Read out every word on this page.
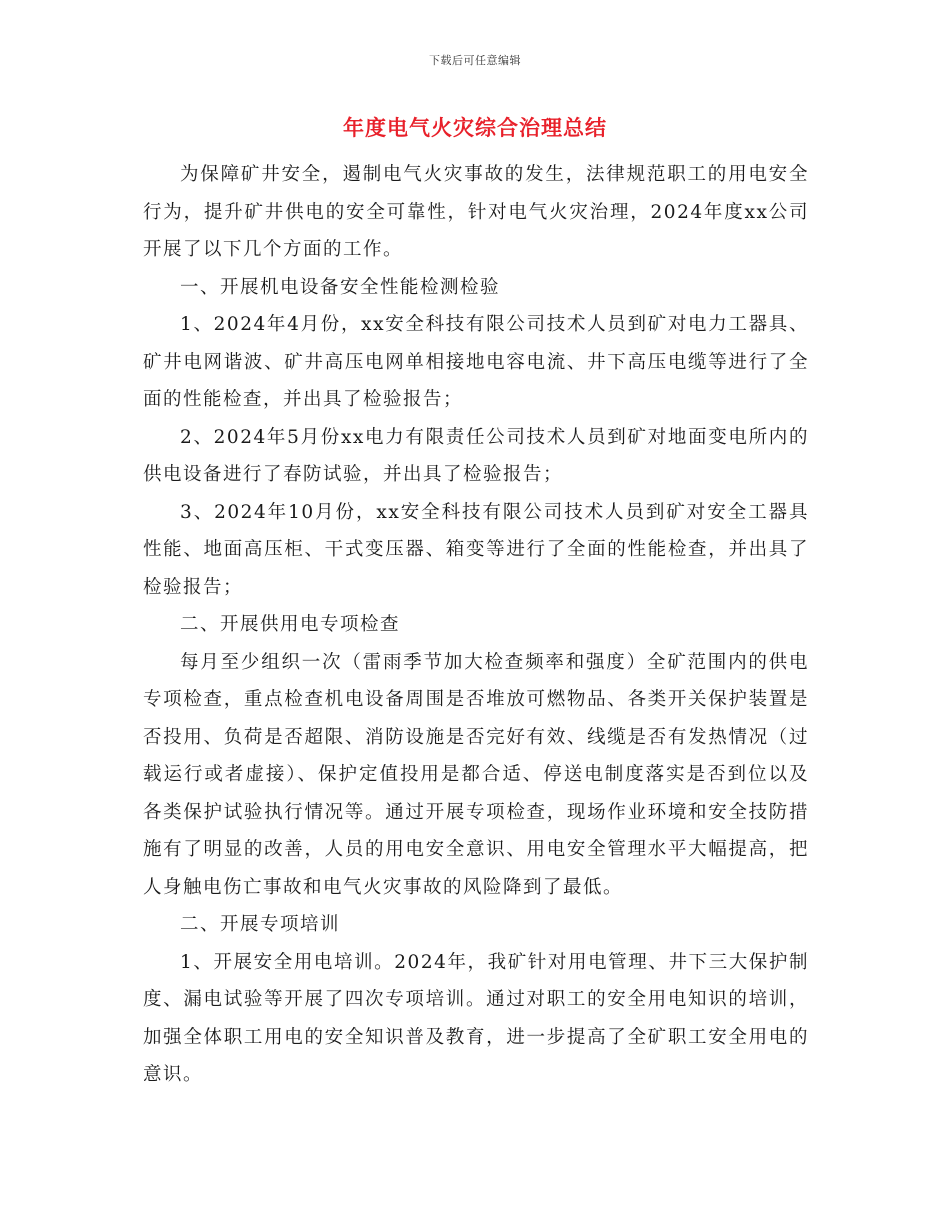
下载后可任意编辑
年度电气火灾综合治理总结

为保障矿井安全，遏制电气火灾事故的发生，法律规范职工的用电安全行为，提升矿井供电的安全可靠性，针对电气火灾治理，2024年度xx公司开展了以下几个方面的工作。

一、开展机电设备安全性能检测检验

1、2024年4月份，xx安全科技有限公司技术人员到矿对电力工器具、矿井电网谐波、矿井高压电网单相接地电容电流、井下高压电缆等进行了全面的性能检查，并出具了检验报告；

2、2024年5月份xx电力有限责任公司技术人员到矿对地面变电所内的供电设备进行了春防试验，并出具了检验报告；

3、2024年10月份，xx安全科技有限公司技术人员到矿对安全工器具性能、地面高压柜、干式变压器、箱变等进行了全面的性能检查，并出具了检验报告；

二、开展供用电专项检查

每月至少组织一次（雷雨季节加大检查频率和强度）全矿范围内的供电专项检查，重点检查机电设备周围是否堆放可燃物品、各类开关保护装置是否投用、负荷是否超限、消防设施是否完好有效、线缆是否有发热情况（过载运行或者虚接）、保护定值投用是都合适、停送电制度落实是否到位以及各类保护试验执行情况等。通过开展专项检查，现场作业环境和安全技防措施有了明显的改善，人员的用电安全意识、用电安全管理水平大幅提高，把人身触电伤亡事故和电气火灾事故的风险降到了最低。

二、开展专项培训

1、开展安全用电培训。2024年，我矿针对用电管理、井下三大保护制度、漏电试验等开展了四次专项培训。通过对职工的安全用电知识的培训，加强全体职工用电的安全知识普及教育，进一步提高了全矿职工安全用电的意识。
